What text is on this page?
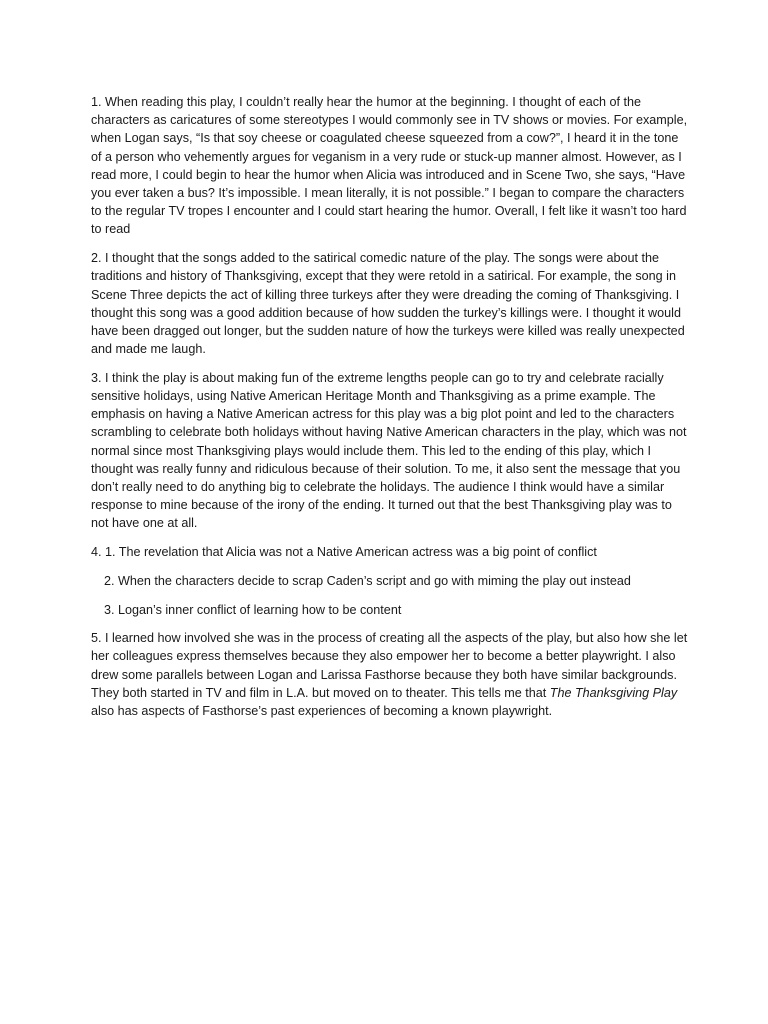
1. When reading this play, I couldn’t really hear the humor at the beginning. I thought of each of the characters as caricatures of some stereotypes I would commonly see in TV shows or movies. For example, when Logan says, “Is that soy cheese or coagulated cheese squeezed from a cow?”, I heard it in the tone of a person who vehemently argues for veganism in a very rude or stuck-up manner almost. However, as I read more, I could begin to hear the humor when Alicia was introduced and in Scene Two, she says, “Have you ever taken a bus? It’s impossible. I mean literally, it is not possible.” I began to compare the characters to the regular TV tropes I encounter and I could start hearing the humor. Overall, I felt like it wasn’t too hard to read

2. I thought that the songs added to the satirical comedic nature of the play. The songs were about the traditions and history of Thanksgiving, except that they were retold in a satirical. For example, the song in Scene Three depicts the act of killing three turkeys after they were dreading the coming of Thanksgiving. I thought this song was a good addition because of how sudden the turkey’s killings were. I thought it would have been dragged out longer, but the sudden nature of how the turkeys were killed was really unexpected and made me laugh.

3. I think the play is about making fun of the extreme lengths people can go to try and celebrate racially sensitive holidays, using Native American Heritage Month and Thanksgiving as a prime example. The emphasis on having a Native American actress for this play was a big plot point and led to the characters scrambling to celebrate both holidays without having Native American characters in the play, which was not normal since most Thanksgiving plays would include them. This led to the ending of this play, which I thought was really funny and ridiculous because of their solution. To me, it also sent the message that you don’t really need to do anything big to celebrate the holidays. The audience I think would have a similar response to mine because of the irony of the ending. It turned out that the best Thanksgiving play was to not have one at all.

4. 1. The revelation that Alicia was not a Native American actress was a big point of conflict

2. When the characters decide to scrap Caden’s script and go with miming the play out instead

3. Logan’s inner conflict of learning how to be content

5. I learned how involved she was in the process of creating all the aspects of the play, but also how she let her colleagues express themselves because they also empower her to become a better playwright. I also drew some parallels between Logan and Larissa Fasthorse because they both have similar backgrounds. They both started in TV and film in L.A. but moved on to theater. This tells me that The Thanksgiving Play also has aspects of Fasthorse’s past experiences of becoming a known playwright.
